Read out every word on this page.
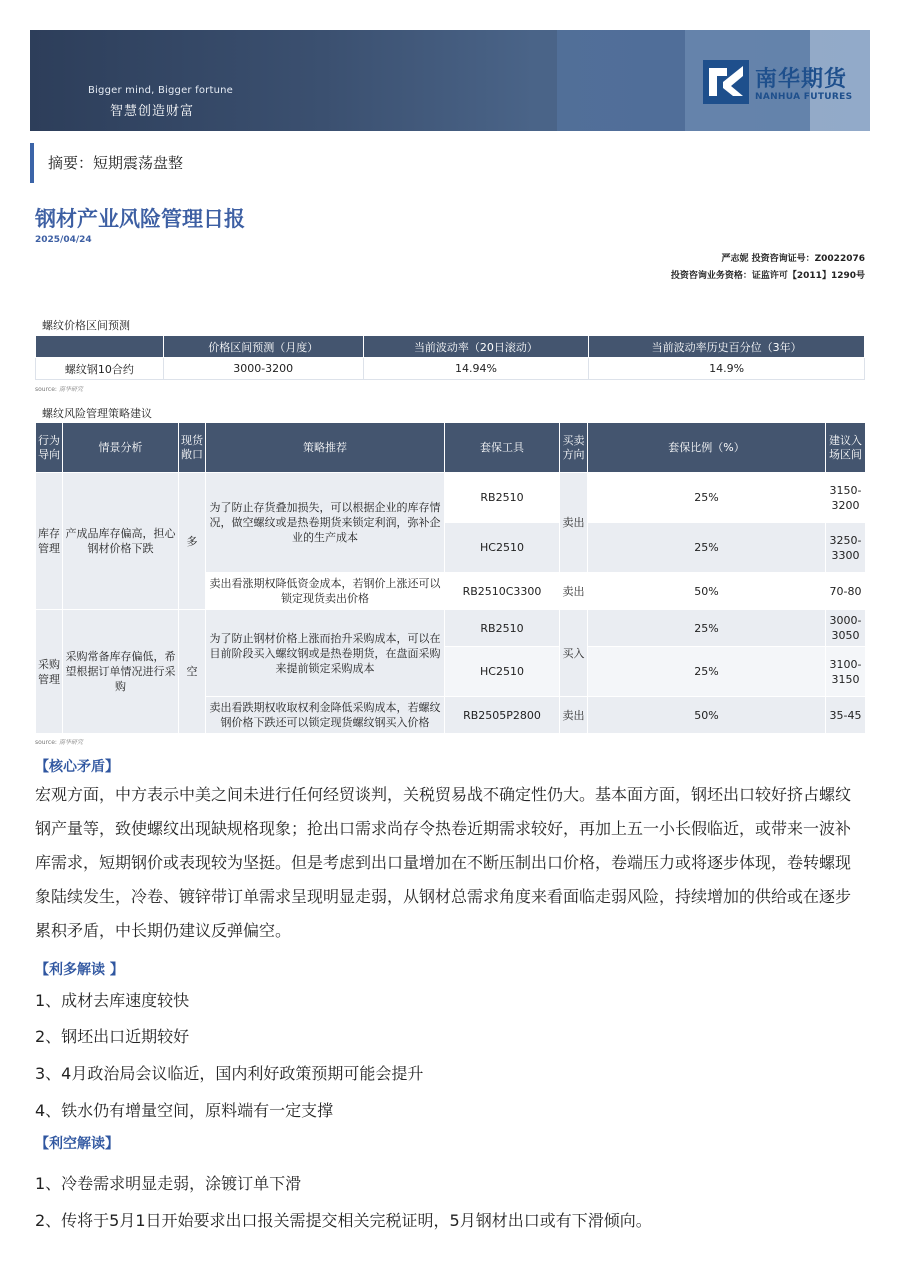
Bigger mind, Bigger fortune
智慧创造财富
南华期货
NANHUA FUTURES
摘要：短期震荡盘整
钢材产业风险管理日报
2025/04/24
严志妮 投资咨询证号：Z0022076
投资咨询业务资格：证监许可【2011】1290号
螺纹价格区间预测
	价格区间预测（月度）	当前波动率（20日滚动）	当前波动率历史百分位（3年）
螺纹钢10合约	3000-3200	14.94%	14.9%
source: 南华研究
螺纹风险管理策略建议
行为导向	情景分析	现货敞口	策略推荐	套保工具	买卖方向	套保比例（%）	建议入场区间
库存管理	产成品库存偏高，担心钢材价格下跌	多	为了防止存货叠加损失，可以根据企业的库存情况，做空螺纹或是热卷期货来锁定利润，弥补企业的生产成本	RB2510	卖出	25%	3150-3200
				HC2510		25%	3250-3300
			卖出看涨期权降低资金成本，若钢价上涨还可以锁定现货卖出价格	RB2510C3300	卖出	50%	70-80
采购管理	采购常备库存偏低，希望根据订单情况进行采购	空	为了防止钢材价格上涨而抬升采购成本，可以在目前阶段买入螺纹钢或是热卷期货，在盘面采购来提前锁定采购成本	RB2510	买入	25%	3000-3050
				HC2510		25%	3100-3150
			卖出看跌期权收取权利金降低采购成本，若螺纹钢价格下跌还可以锁定现货螺纹钢买入价格	RB2505P2800	卖出	50%	35-45
source: 南华研究
【核心矛盾】
宏观方面，中方表示中美之间未进行任何经贸谈判，关税贸易战不确定性仍大。基本面方面，钢坯出口较好挤占螺纹钢产量等，致使螺纹出现缺规格现象；抢出口需求尚存令热卷近期需求较好，再加上五一小长假临近，或带来一波补库需求，短期钢价或表现较为坚挺。但是考虑到出口量增加在不断压制出口价格，卷端压力或将逐步体现，卷转螺现象陆续发生，冷卷、镀锌带订单需求呈现明显走弱，从钢材总需求角度来看面临走弱风险，持续增加的供给或在逐步累积矛盾，中长期仍建议反弹偏空。
【利多解读 】
1、成材去库速度较快
2、钢坯出口近期较好
3、4月政治局会议临近，国内利好政策预期可能会提升
4、铁水仍有增量空间，原料端有一定支撑
【利空解读】
1、冷卷需求明显走弱，涂镀订单下滑
2、传将于5月1日开始要求出口报关需提交相关完税证明，5月钢材出口或有下滑倾向。
